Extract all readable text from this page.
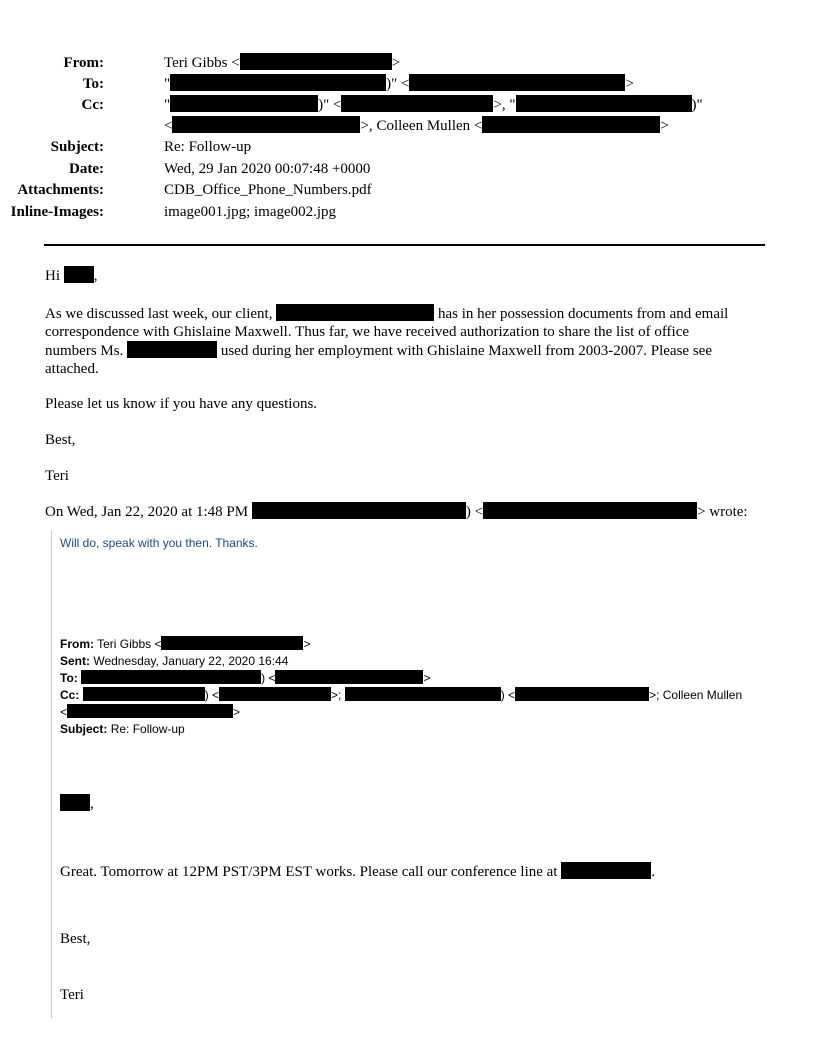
From:	Teri Gibbs <	>
To:	"	)" <	>
Cc:	"	)" <	>, "	)"
<	>, Colleen Mullen <	>
Subject:	Re: Follow-up
Date:	Wed, 29 Jan 2020 00:07:48 +0000
Attachments:	CDB_Office_Phone_Numbers.pdf
Inline-Images:	image001.jpg; image002.jpg
Hi ,
As we discussed last week, our client,	has in her possession documents from and email
correspondence with Ghislaine Maxwell. Thus far, we have received authorization to share the list of office
numbers Ms.	used during her employment with Ghislaine Maxwell from 2003-2007. Please see
attached.
Please let us know if you have any questions.
Best,
Teri
On Wed, Jan 22, 2020 at 1:48 PM	) <	> wrote:
Will do, speak with you then. Thanks.
From: Teri Gibbs <	>
Sent: Wednesday, January 22, 2020 16:44
To:	) <	>
Cc:	) <	>;	) <	>; Colleen Mullen
<	>
Subject: Re: Follow-up
,
Great. Tomorrow at 12PM PST/3PM EST works. Please call our conference line at	.
Best,
Teri
